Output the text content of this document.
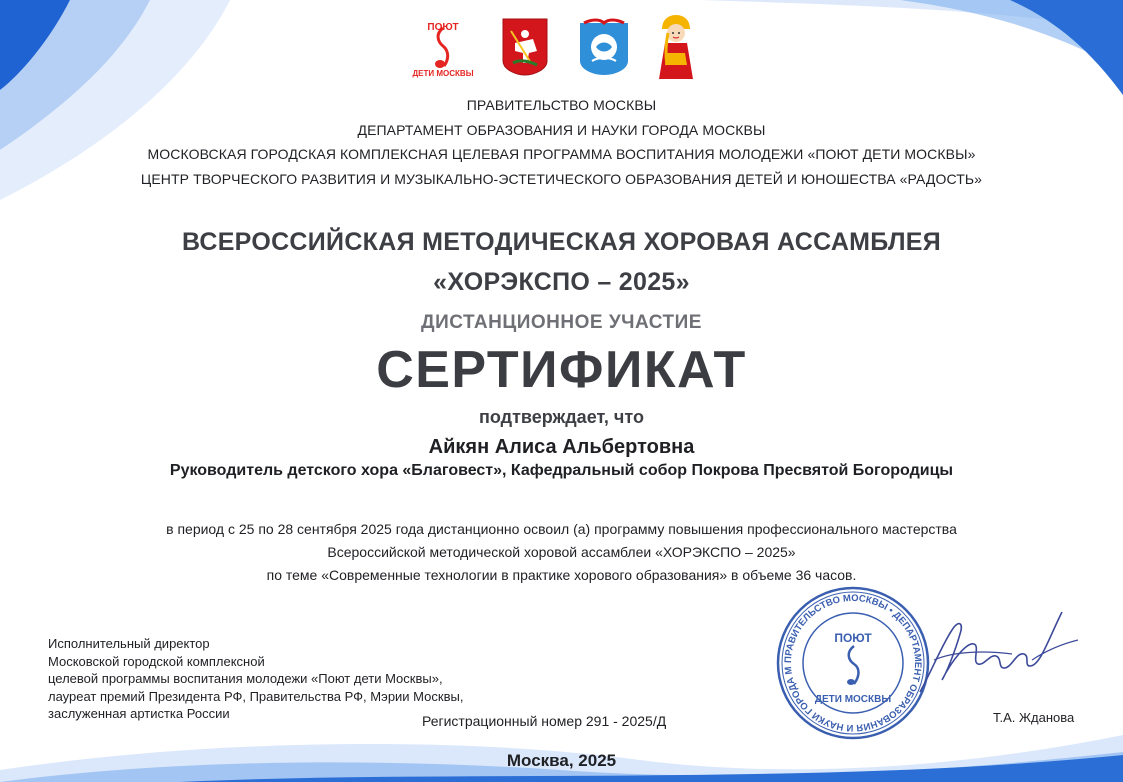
ПОЮТ
ДЕТИ МОСКВЫ
ПРАВИТЕЛЬСТВО МОСКВЫ
ДЕПАРТАМЕНТ ОБРАЗОВАНИЯ И НАУКИ ГОРОДА МОСКВЫ
МОСКОВСКАЯ ГОРОДСКАЯ КОМПЛЕКСНАЯ ЦЕЛЕВАЯ ПРОГРАММА ВОСПИТАНИЯ МОЛОДЕЖИ «ПОЮТ ДЕТИ МОСКВЫ»
ЦЕНТР ТВОРЧЕСКОГО РАЗВИТИЯ И МУЗЫКАЛЬНО-ЭСТЕТИЧЕСКОГО ОБРАЗОВАНИЯ ДЕТЕЙ И ЮНОШЕСТВА «РАДОСТЬ»
ВСЕРОССИЙСКАЯ МЕТОДИЧЕСКАЯ ХОРОВАЯ АССАМБЛЕЯ
«ХОРЭКСПО – 2025»
ДИСТАНЦИОННОЕ УЧАСТИЕ
СЕРТИФИКАТ
подтверждает, что
Айкян Алиса Альбертовна
Руководитель детского хора «Благовест», Кафедральный собор Покрова Пресвятой Богородицы
в период с 25 по 28 сентября 2025 года дистанционно освоил (а) программу повышения профессионального мастерства
Всероссийской методической хоровой ассамблеи «ХОРЭКСПО – 2025»
по теме «Современные технологии в практике хорового образования» в объеме 36 часов.
Исполнительный директор
Московской городской комплексной
целевой программы воспитания молодежи «Поют дети Москвы»,
лауреат премий Президента РФ, Правительства РФ, Мэрии Москвы,
заслуженная артистка России	Регистрационный номер 291 - 2025/Д
ПРАВИТЕЛЬСТВО МОСКВЫ • ДЕПАРТАМЕНТ ОБРАЗОВАНИЯ И НАУКИ ГОРОДА М
ПОЮТ
ДЕТИ МОСКВЫ
Т.А. Жданова
Москва, 2025
